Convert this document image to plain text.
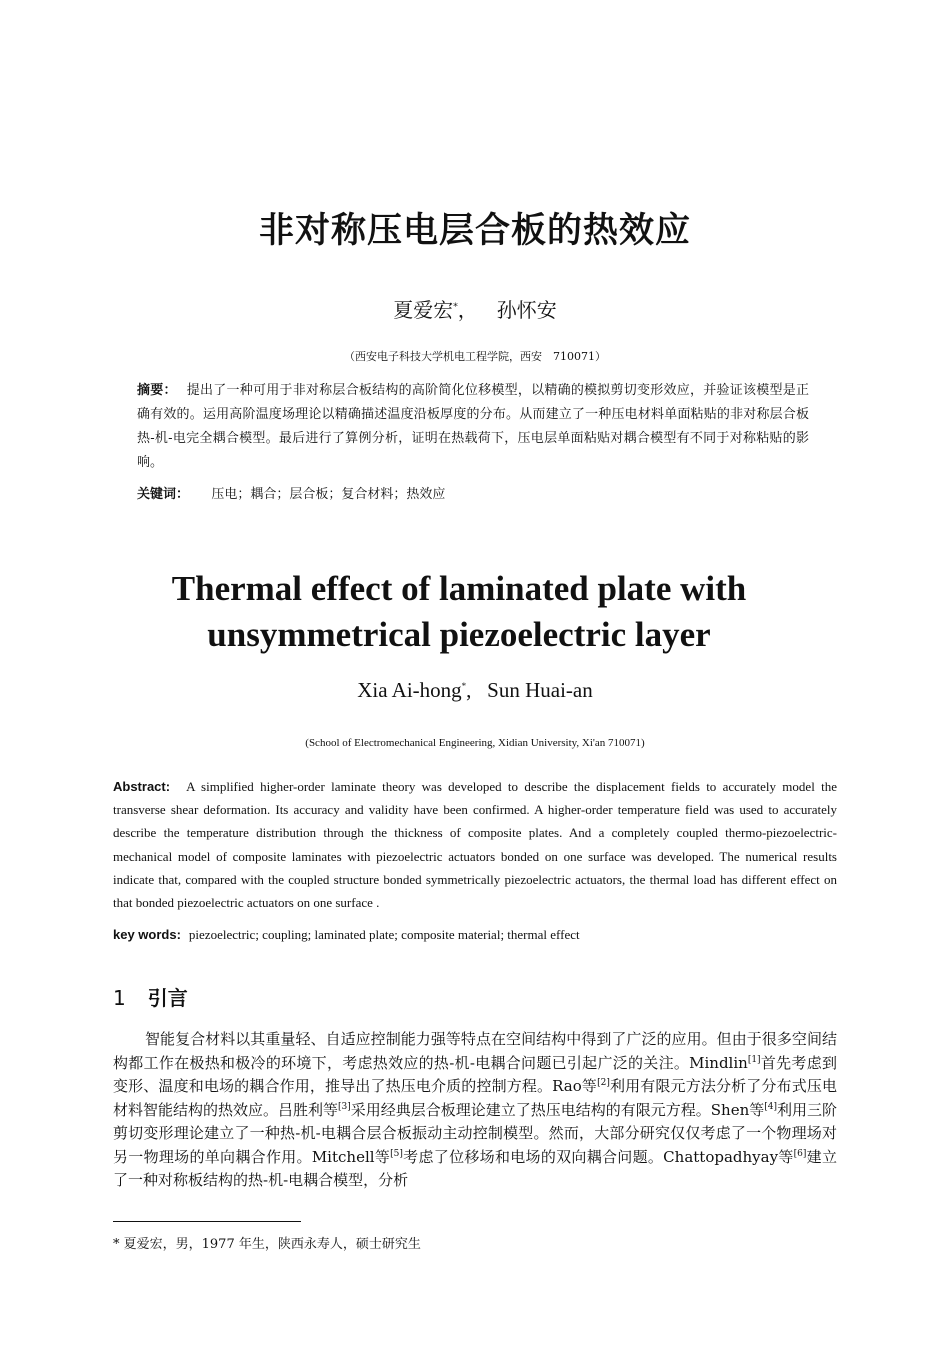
非对称压电层合板的热效应
夏爱宏*， 孙怀安
（西安电子科技大学机电工程学院，西安　710071）
摘要： 提出了一种可用于非对称层合板结构的高阶简化位移模型，以精确的模拟剪切变形效应，并验证该模型是正确有效的。运用高阶温度场理论以精确描述温度沿板厚度的分布。从而建立了一种压电材料单面粘贴的非对称层合板热-机-电完全耦合模型。最后进行了算例分析，证明在热载荷下，压电层单面粘贴对耦合模型有不同于对称粘贴的影响。
关键词： 压电；耦合；层合板；复合材料；热效应
Thermal effect of laminated plate with
unsymmetrical piezoelectric layer
Xia Ai-hong*, Sun Huai-an
(School of Electromechanical Engineering, Xidian University, Xi'an 710071)
Abstract: A simplified higher-order laminate theory was developed to describe the displacement fields to accurately model the transverse shear deformation. Its accuracy and validity have been confirmed. A higher-order temperature field was used to accurately describe the temperature distribution through the thickness of composite plates. And a completely coupled thermo-piezoelectric-mechanical model of composite laminates with piezoelectric actuators bonded on one surface was developed. The numerical results indicate that, compared with the coupled structure bonded symmetrically piezoelectric actuators, the thermal load has different effect on that bonded piezoelectric actuators on one surface .
key words: piezoelectric; coupling; laminated plate; composite material; thermal effect
1 引言

智能复合材料以其重量轻、自适应控制能力强等特点在空间结构中得到了广泛的应用。但由于很多空间结构都工作在极热和极冷的环境下，考虑热效应的热-机-电耦合问题已引起广泛的关注。Mindlin[1]首先考虑到变形、温度和电场的耦合作用，推导出了热压电介质的控制方程。Rao等[2]利用有限元方法分析了分布式压电材料智能结构的热效应。吕胜利等[3]采用经典层合板理论建立了热压电结构的有限元方程。Shen等[4]利用三阶剪切变形理论建立了一种热-机-电耦合层合板振动主动控制模型。然而，大部分研究仅仅考虑了一个物理场对另一物理场的单向耦合作用。Mitchell等[5]考虑了位移场和电场的双向耦合问题。Chattopadhyay等[6]建立了一种对称板结构的热-机-电耦合模型，分析

* 夏爱宏，男，1977 年生，陕西永寿人，硕士研究生
